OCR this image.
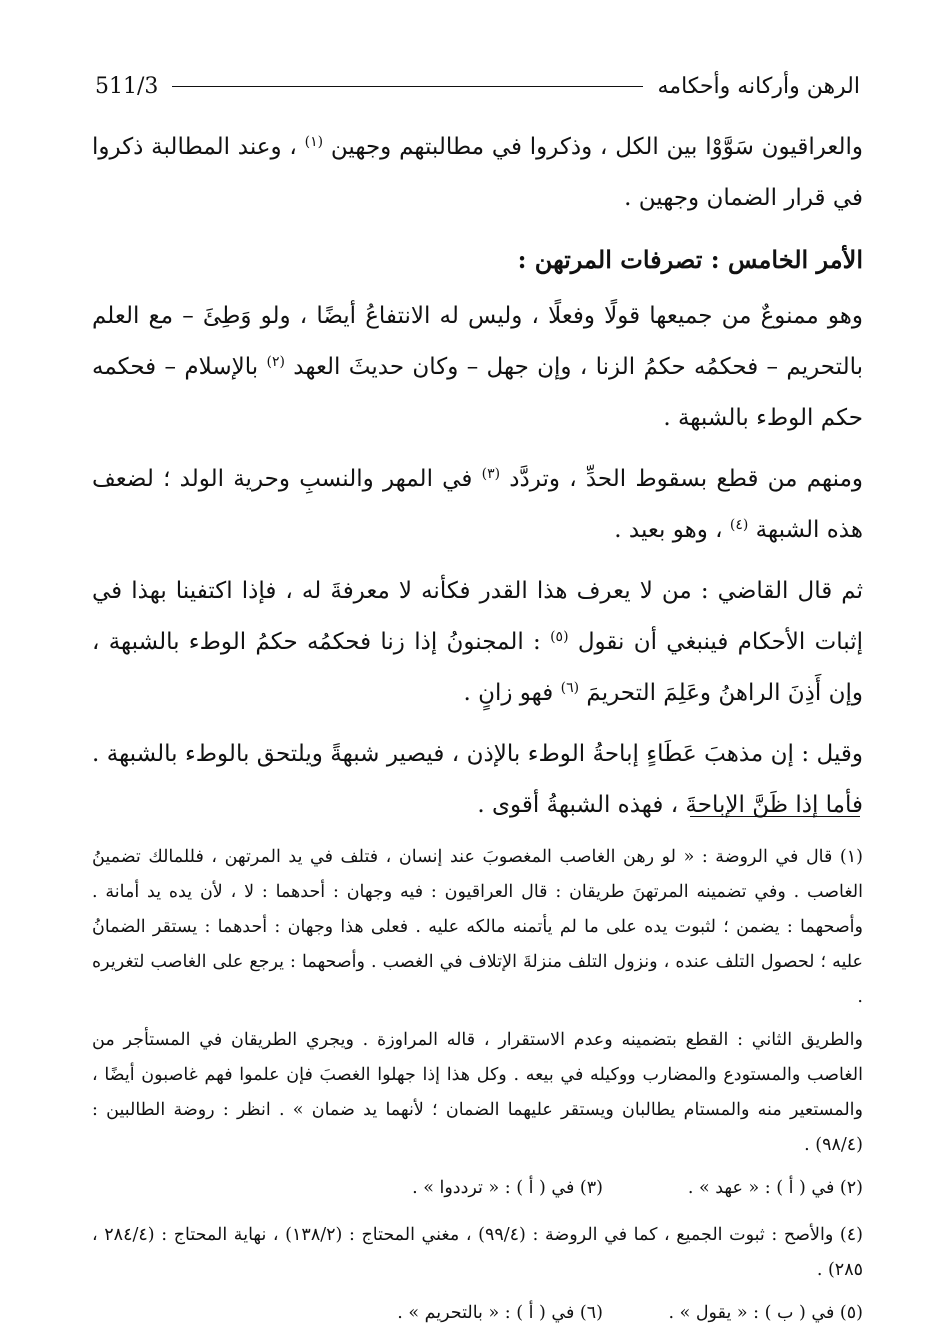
الرهن وأركانه وأحكامه
511/3

والعراقيون سَوَّوْا بين الكل ، وذكروا في مطالبتهم وجهين $^{(١)}$ ، وعند المطالبة ذكروا في قرار الضمان وجهين .

الأمر الخامس : تصرفات المرتهن :

وهو ممنوعٌ من جميعها قولًا وفعلًا ، وليس له الانتفاعُ أيضًا ، ولو وَطِئَ – مع العلم بالتحريم – فحكمُه حكمُ الزنا ، وإن جهل – وكان حديثَ العهد $^{(٢)}$ بالإسلام – فحكمه حكم الوطء بالشبهة .

ومنهم من قطع بسقوط الحدِّ ، وتردَّد $^{(٣)}$ في المهر والنسبِ وحرية الولد ؛ لضعف هذه الشبهة $^{(٤)}$ ، وهو بعيد .

ثم قال القاضي : من لا يعرف هذا القدر فكأنه لا معرفةَ له ، فإذا اكتفينا بهذا في إثبات الأحكام فينبغي أن نقول $^{(٥)}$ : المجنونُ إذا زنا فحكمُه حكمُ الوطء بالشبهة ، وإن أَذِنَ الراهنُ وعَلِمَ التحريمَ $^{(٦)}$ فهو زانٍ .

وقيل : إن مذهبَ عَطَاءٍ إباحةُ الوطء بالإذن ، فيصير شبهةً ويلتحق بالوطء بالشبهة . فأما إذا ظَنَّ الإباحةَ ، فهذه الشبهةُ أقوى .

(١) قال في الروضة : « لو رهن الغاصب المغصوبَ عند إنسان ، فتلف في يد المرتهن ، فللمالك تضمينُ الغاصب . وفي تضمينه المرتهنَ طريقان : قال العراقيون : فيه وجهان : أحدهما : لا ، لأن يده يد أمانة . وأصحهما : يضمن ؛ لثبوت يده على ما لم يأتمنه مالكه عليه . فعلى هذا وجهان : أحدهما : يستقر الضمانُ عليه ؛ لحصول التلف عنده ، ونزول التلف منزلةَ الإتلاف في الغصب . وأصحهما : يرجع على الغاصب لتغريره .

والطريق الثاني : القطع بتضمينه وعدم الاستقرار ، قاله المراوزة . ويجري الطريقان في المستأجر من الغاصب والمستودع والمضارب ووكيله في بيعه . وكل هذا إذا جهلوا الغصبَ فإن علموا فهم غاصبون أيضًا ، والمستعير منه والمستام يطالبان ويستقر عليهما الضمان ؛ لأنهما يد ضمان » . انظر : روضة الطالبين : (٩٨/٤) .

(٢) في ( أ ) : « عهد » .
(٣) في ( أ ) : « ترددوا » .

(٤) والأصح : ثبوت الجميع ، كما في الروضة : (٩٩/٤) ، مغني المحتاج : (١٣٨/٢) ، نهاية المحتاج : (٢٨٤/٤ ، ٢٨٥) .

(٥) في ( ب ) : « يقول » .
(٦) في ( أ ) : « بالتحريم » .
